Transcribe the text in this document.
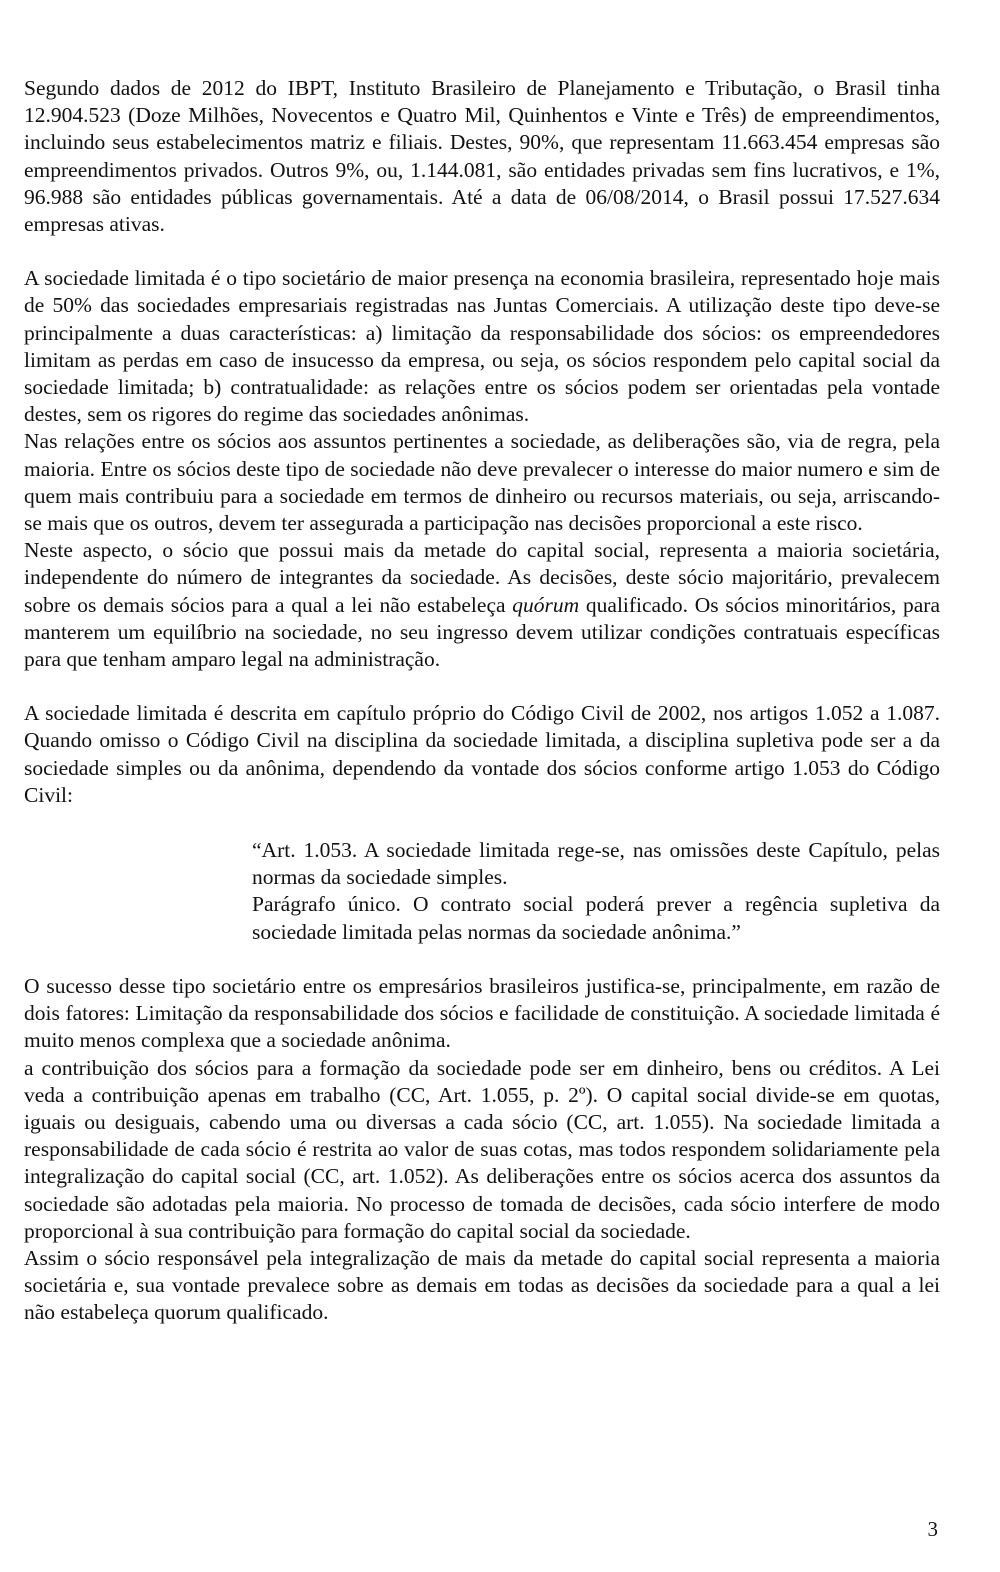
Segundo dados de 2012 do IBPT, Instituto Brasileiro de Planejamento e Tributação, o Brasil tinha 12.904.523 (Doze Milhões, Novecentos e Quatro Mil, Quinhentos e Vinte e Três) de empreendimentos, incluindo seus estabelecimentos matriz e filiais. Destes, 90%, que representam 11.663.454 empresas são empreendimentos privados. Outros 9%, ou, 1.144.081, são entidades privadas sem fins lucrativos, e 1%, 96.988 são entidades públicas governamentais. Até a data de 06/08/2014, o Brasil possui 17.527.634 empresas ativas.

A sociedade limitada é o tipo societário de maior presença na economia brasileira, representado hoje mais de 50% das sociedades empresariais registradas nas Juntas Comerciais. A utilização deste tipo deve-se principalmente a duas características: a) limitação da responsabilidade dos sócios: os empreendedores limitam as perdas em caso de insucesso da empresa, ou seja, os sócios respondem pelo capital social da sociedade limitada; b) contratualidade: as relações entre os sócios podem ser orientadas pela vontade destes, sem os rigores do regime das sociedades anônimas.

Nas relações entre os sócios aos assuntos pertinentes a sociedade, as deliberações são, via de regra, pela maioria. Entre os sócios deste tipo de sociedade não deve prevalecer o interesse do maior numero e sim de quem mais contribuiu para a sociedade em termos de dinheiro ou recursos materiais, ou seja, arriscando-se mais que os outros, devem ter assegurada a participação nas decisões proporcional a este risco.

Neste aspecto, o sócio que possui mais da metade do capital social, representa a maioria societária, independente do número de integrantes da sociedade. As decisões, deste sócio majoritário, prevalecem sobre os demais sócios para a qual a lei não estabeleça quórum qualificado. Os sócios minoritários, para manterem um equilíbrio na sociedade, no seu ingresso devem utilizar condições contratuais específicas para que tenham amparo legal na administração.

A sociedade limitada é descrita em capítulo próprio do Código Civil de 2002, nos artigos 1.052 a 1.087. Quando omisso o Código Civil na disciplina da sociedade limitada, a disciplina supletiva pode ser a da sociedade simples ou da anônima, dependendo da vontade dos sócios conforme artigo 1.053 do Código Civil:

“Art. 1.053. A sociedade limitada rege-se, nas omissões deste Capítulo, pelas normas da sociedade simples.

Parágrafo único. O contrato social poderá prever a regência supletiva da sociedade limitada pelas normas da sociedade anônima.”

O sucesso desse tipo societário entre os empresários brasileiros justifica-se, principalmente, em razão de dois fatores: Limitação da responsabilidade dos sócios e facilidade de constituição. A sociedade limitada é muito menos complexa que a sociedade anônima.

a contribuição dos sócios para a formação da sociedade pode ser em dinheiro, bens ou créditos. A Lei veda a contribuição apenas em trabalho (CC, Art. 1.055, p. 2º). O capital social divide-se em quotas, iguais ou desiguais, cabendo uma ou diversas a cada sócio (CC, art. 1.055). Na sociedade limitada a responsabilidade de cada sócio é restrita ao valor de suas cotas, mas todos respondem solidariamente pela integralização do capital social (CC, art. 1.052). As deliberações entre os sócios acerca dos assuntos da sociedade são adotadas pela maioria. No processo de tomada de decisões, cada sócio interfere de modo proporcional à sua contribuição para formação do capital social da sociedade.

Assim o sócio responsável pela integralização de mais da metade do capital social representa a maioria societária e, sua vontade prevalece sobre as demais em todas as decisões da sociedade para a qual a lei não estabeleça quorum qualificado.

3
